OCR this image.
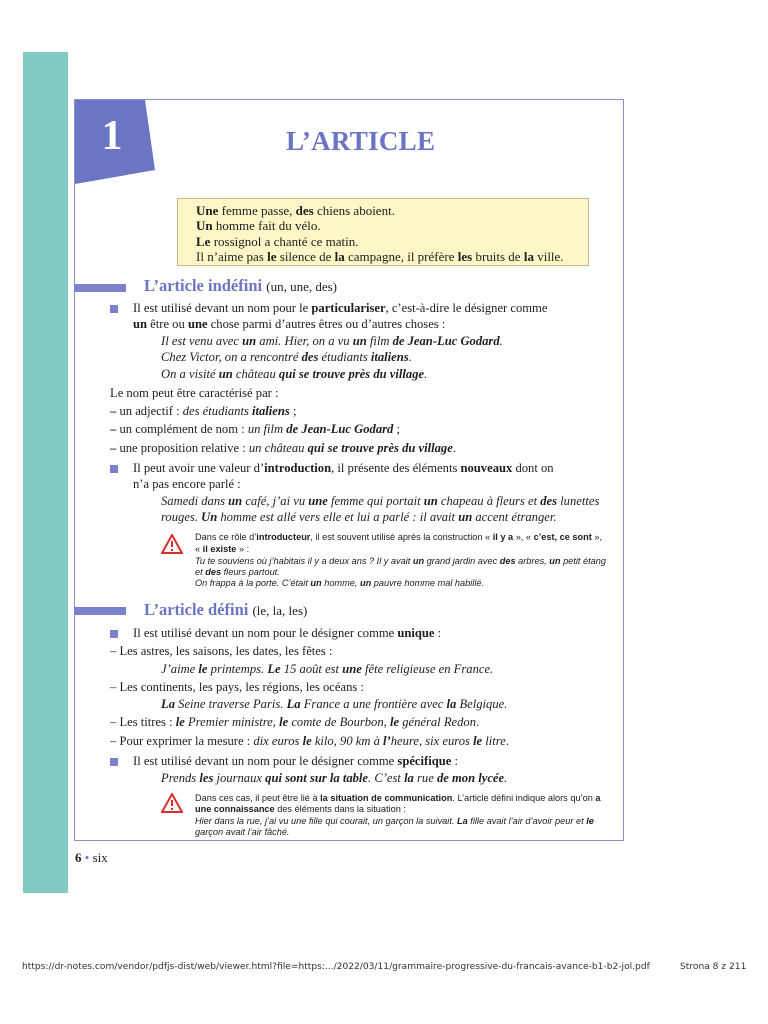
1	L’ARTICLE
Une femme passe, des chiens aboient.
Un homme fait du vélo.
Le rossignol a chanté ce matin.
Il n’aime pas le silence de la campagne, il préfère les bruits de la ville.
L’article indéfini (un, une, des)
Il est utilisé devant un nom pour le particulariser, c’est-à-dire le désigner comme
un être ou une chose parmi d’autres êtres ou d’autres choses :
Il est venu avec un ami. Hier, on a vu un film de Jean-Luc Godard.
Chez Victor, on a rencontré des étudiants italiens.
On a visité un château qui se trouve près du village.
Le nom peut être caractérisé par :
– un adjectif : des étudiants italiens ;
– un complément de nom : un film de Jean-Luc Godard ;
– une proposition relative : un château qui se trouve près du village.
Il peut avoir une valeur d’introduction, il présente des éléments nouveaux dont on
n’a pas encore parlé :
Samedi dans un café, j’ai vu une femme qui portait un chapeau à fleurs et des lunettes
rouges. Un homme est allé vers elle et lui a parlé : il avait un accent étranger.
Dans ce rôle d’introducteur, il est souvent utilisé après la construction « il y a », « c’est, ce sont »,
« il existe » :
Tu te souviens où j’habitais il y a deux ans ? Il y avait un grand jardin avec des arbres, un petit étang
et des fleurs partout.
On frappa à la porte. C’était un homme, un pauvre homme mal habillé.
L’article défini (le, la, les)
Il est utilisé devant un nom pour le désigner comme unique :
– Les astres, les saisons, les dates, les fêtes :
J’aime le printemps. Le 15 août est une fête religieuse en France.
– Les continents, les pays, les régions, les océans :
La Seine traverse Paris. La France a une frontière avec la Belgique.
– Les titres : le Premier ministre, le comte de Bourbon, le général Redon.
– Pour exprimer la mesure : dix euros le kilo, 90 km à l’heure, six euros le litre.
Il est utilisé devant un nom pour le désigner comme spécifique :
Prends les journaux qui sont sur la table. C’est la rue de mon lycée.
Dans ces cas, il peut être lié à la situation de communication. L’article défini indique alors qu’on a
une connaissance des éléments dans la situation :
Hier dans la rue, j’ai vu une fille qui courait, un garçon la suivait. La fille avait l’air d’avoir peur et le
garçon avait l’air fâché.
6 • six
https://dr-notes.com/vendor/pdfjs-dist/web/viewer.html?file=https:.../2022/03/11/grammaire-progressive-du-francais-avance-b1-b2-jol.pdf	Strona 8 z 211
